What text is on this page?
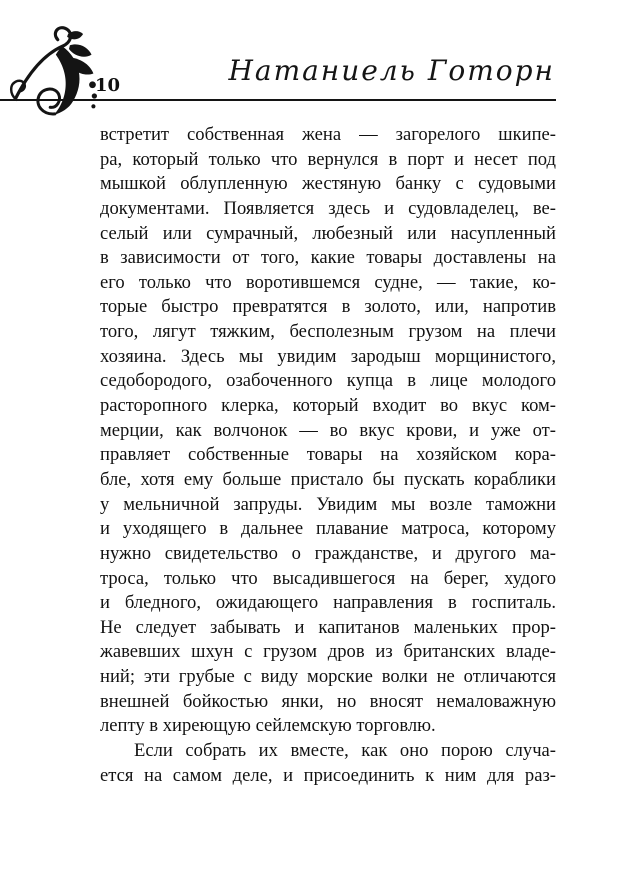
Натаниель Готорн
10
встретит собственная жена — загорелого шкипе-
ра, который только что вернулся в порт и несет под
мышкой облупленную жестяную банку с судовыми
документами. Появляется здесь и судовладелец, ве-
селый или сумрачный, любезный или насупленный
в зависимости от того, какие товары доставлены на
его только что воротившемся судне, — такие, ко-
торые быстро превратятся в золото, или, напротив
того, лягут тяжким, бесполезным грузом на плечи
хозяина. Здесь мы увидим зародыш морщинистого,
седобородого, озабоченного купца в лице молодого
расторопного клерка, который входит во вкус ком-
мерции, как волчонок — во вкус крови, и уже от-
правляет собственные товары на хозяйском кора-
бле, хотя ему больше пристало бы пускать кораблики
у мельничной запруды. Увидим мы возле таможни
и уходящего в дальнее плавание матроса, которому
нужно свидетельство о гражданстве, и другого ма-
троса, только что высадившегося на берег, худого
и бледного, ожидающего направления в госпиталь.
Не следует забывать и капитанов маленьких прор-
жавевших шхун с грузом дров из британских владе-
ний; эти грубые с виду морские волки не отличаются
внешней бойкостью янки, но вносят немаловажную
лепту в хиреющую сейлемскую торговлю.
Если собрать их вместе, как оно порою случа-
ется на самом деле, и присоединить к ним для раз-
